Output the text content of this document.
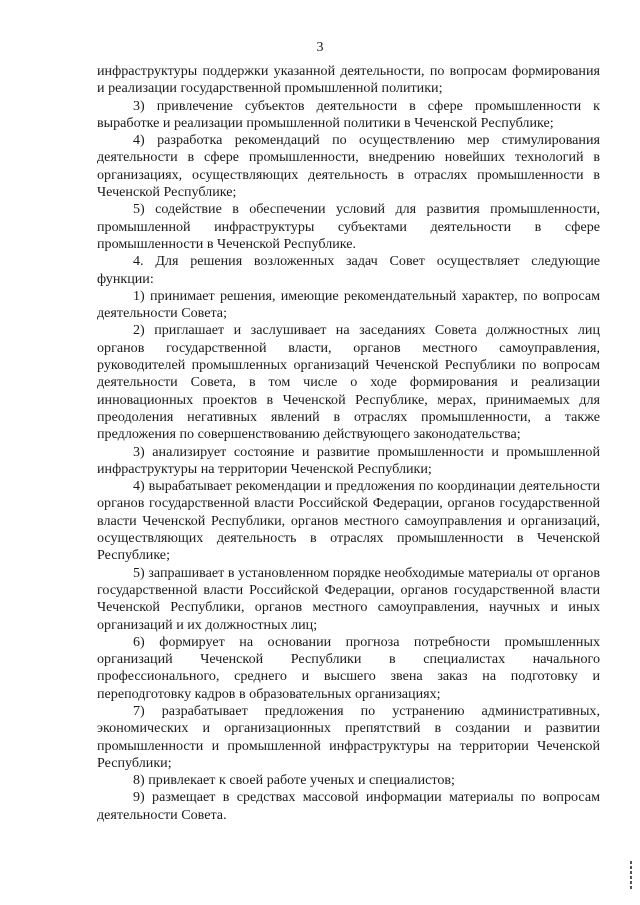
3

инфраструктуры поддержки указанной деятельности, по вопросам формирования и реализации государственной промышленной политики;

3) привлечение субъектов деятельности в сфере промышленности к выработке и реализации промышленной политики в Чеченской Республике;

4) разработка рекомендаций по осуществлению мер стимулирования деятельности в сфере промышленности, внедрению новейших технологий в организациях, осуществляющих деятельность в отраслях промышленности в Чеченской Республике;

5) содействие в обеспечении условий для развития промышленности, промышленной инфраструктуры субъектами деятельности в сфере промышленности в Чеченской Республике.

4. Для решения возложенных задач Совет осуществляет следующие функции:

1) принимает решения, имеющие рекомендательный характер, по вопросам деятельности Совета;

2) приглашает и заслушивает на заседаниях Совета должностных лиц органов государственной власти, органов местного самоуправления, руководителей промышленных организаций Чеченской Республики по вопросам деятельности Совета, в том числе о ходе формирования и реализации инновационных проектов в Чеченской Республике, мерах, принимаемых для преодоления негативных явлений в отраслях промышленности, а также предложения по совершенствованию действующего законодательства;

3) анализирует состояние и развитие промышленности и промышленной инфраструктуры на территории Чеченской Республики;

4) вырабатывает рекомендации и предложения по координации деятельности органов государственной власти Российской Федерации, органов государственной власти Чеченской Республики, органов местного самоуправления и организаций, осуществляющих деятельность в отраслях промышленности в Чеченской Республике;

5) запрашивает в установленном порядке необходимые материалы от органов государственной власти Российской Федерации, органов государственной власти Чеченской Республики, органов местного самоуправления, научных и иных организаций и их должностных лиц;

6) формирует на основании прогноза потребности промышленных организаций Чеченской Республики в специалистах начального профессионального, среднего и высшего звена заказ на подготовку и переподготовку кадров в образовательных организациях;

7) разрабатывает предложения по устранению административных, экономических и организационных препятствий в создании и развитии промышленности и промышленной инфраструктуры на территории Чеченской Республики;

8) привлекает к своей работе ученых и специалистов;

9) размещает в средствах массовой информации материалы по вопросам деятельности Совета.
